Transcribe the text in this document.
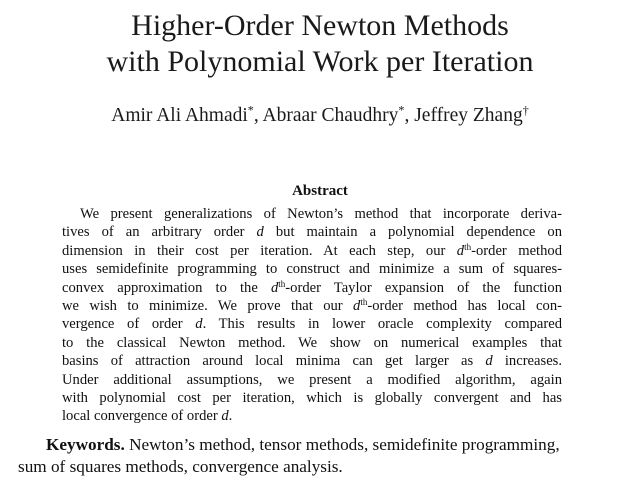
Higher-Order Newton Methods
with Polynomial Work per Iteration
Amir Ali Ahmadi*, Abraar Chaudhry*, Jeffrey Zhang†
Abstract
We present generalizations of Newton’s method that incorporate deriva-
tives of an arbitrary order d but maintain a polynomial dependence on
dimension in their cost per iteration. At each step, our $d^{th}$-order method
uses semidefinite programming to construct and minimize a sum of squares-
convex approximation to the $d^{th}$-order Taylor expansion of the function
we wish to minimize. We prove that our $d^{th}$-order method has local con-
vergence of order d. This results in lower oracle complexity compared
to the classical Newton method. We show on numerical examples that
basins of attraction around local minima can get larger as d increases.
Under additional assumptions, we present a modified algorithm, again
with polynomial cost per iteration, which is globally convergent and has
local convergence of order d.
Keywords. Newton’s method, tensor methods, semidefinite programming,
sum of squares methods, convergence analysis.
